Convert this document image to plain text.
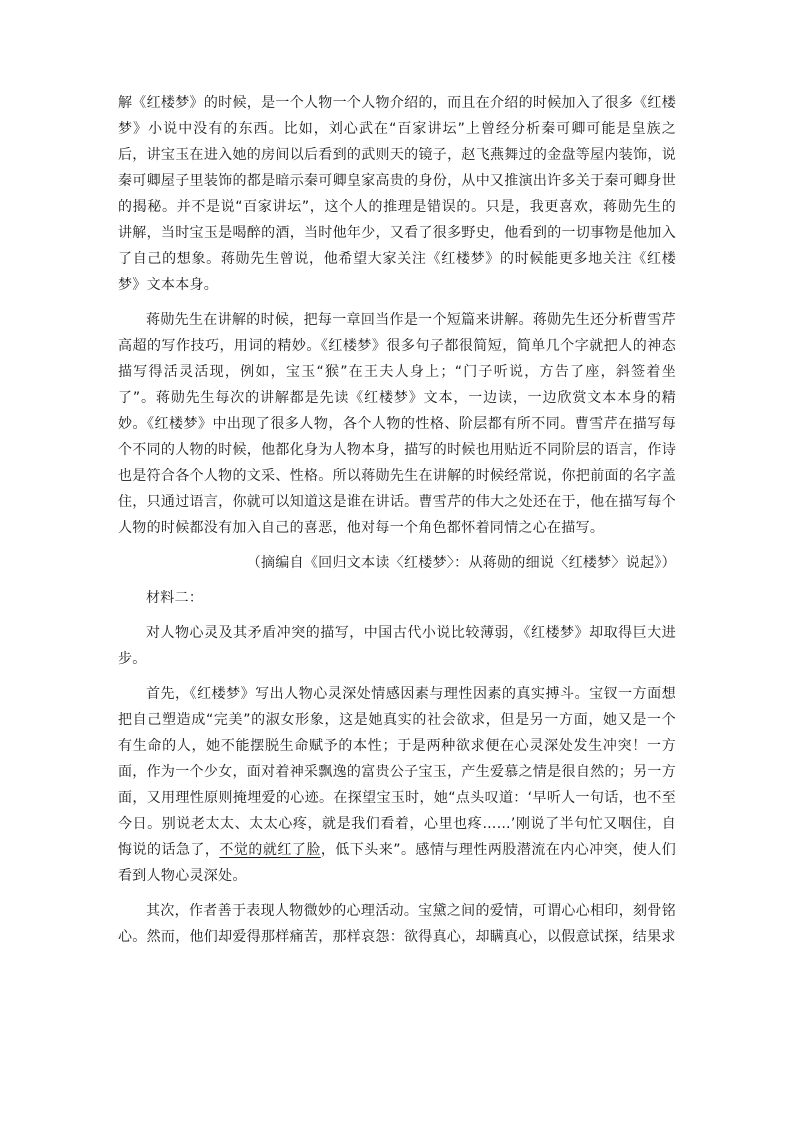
解《红楼梦》的时候，是一个人物一个人物介绍的，而且在介绍的时候加入了很多《红楼梦》小说中没有的东西。比如，刘心武在“百家讲坛”上曾经分析秦可卿可能是皇族之后，讲宝玉在进入她的房间以后看到的武则天的镜子，赵飞燕舞过的金盘等屋内装饰，说秦可卿屋子里装饰的都是暗示秦可卿皇家高贵的身份，从中又推演出许多关于秦可卿身世的揭秘。并不是说“百家讲坛”，这个人的推理是错误的。只是，我更喜欢，蒋勋先生的讲解，当时宝玉是喝醉的酒，当时他年少，又看了很多野史，他看到的一切事物是他加入了自己的想象。蒋勋先生曾说，他希望大家关注《红楼梦》的时候能更多地关注《红楼梦》文本本身。

蒋勋先生在讲解的时候，把每一章回当作是一个短篇来讲解。蒋勋先生还分析曹雪芹高超的写作技巧，用词的精妙。《红楼梦》很多句子都很简短，简单几个字就把人的神态描写得活灵活现，例如，宝玉“猴”在王夫人身上；“门子听说，方告了座，斜签着坐了”。蒋勋先生每次的讲解都是先读《红楼梦》文本，一边读，一边欣赏文本本身的精妙。《红楼梦》中出现了很多人物，各个人物的性格、阶层都有所不同。曹雪芹在描写每个不同的人物的时候，他都化身为人物本身，描写的时候也用贴近不同阶层的语言，作诗也是符合各个人物的文采、性格。所以蒋勋先生在讲解的时候经常说，你把前面的名字盖住，只通过语言，你就可以知道这是谁在讲话。曹雪芹的伟大之处还在于，他在描写每个人物的时候都没有加入自己的喜恶，他对每一个角色都怀着同情之心在描写。

（摘编自《回归文本读〈红楼梦〉：从蒋勋的细说〈红楼梦〉说起》）

材料二：

对人物心灵及其矛盾冲突的描写，中国古代小说比较薄弱，《红楼梦》却取得巨大进步。

首先，《红楼梦》写出人物心灵深处情感因素与理性因素的真实搏斗。宝钗一方面想把自己塑造成“完美”的淑女形象，这是她真实的社会欲求，但是另一方面，她又是一个有生命的人，她不能摆脱生命赋予的本性；于是两种欲求便在心灵深处发生冲突！一方面，作为一个少女，面对着神采飘逸的富贵公子宝玉，产生爱慕之情是很自然的；另一方面，又用理性原则掩埋爱的心迹。在探望宝玉时，她“点头叹道：‘早听人一句话，也不至今日。别说老太太、太太心疼，就是我们看着，心里也疼……’刚说了半句忙又咽住，自悔说的话急了，不觉的就红了脸，低下头来”。感情与理性两股潜流在内心冲突，使人们看到人物心灵深处。

其次，作者善于表现人物微妙的心理活动。宝黛之间的爱情，可谓心心相印，刻骨铭心。然而，他们却爱得那样痛苦，那样哀怨：欲得真心，却瞒真心，以假意试探，结果求
